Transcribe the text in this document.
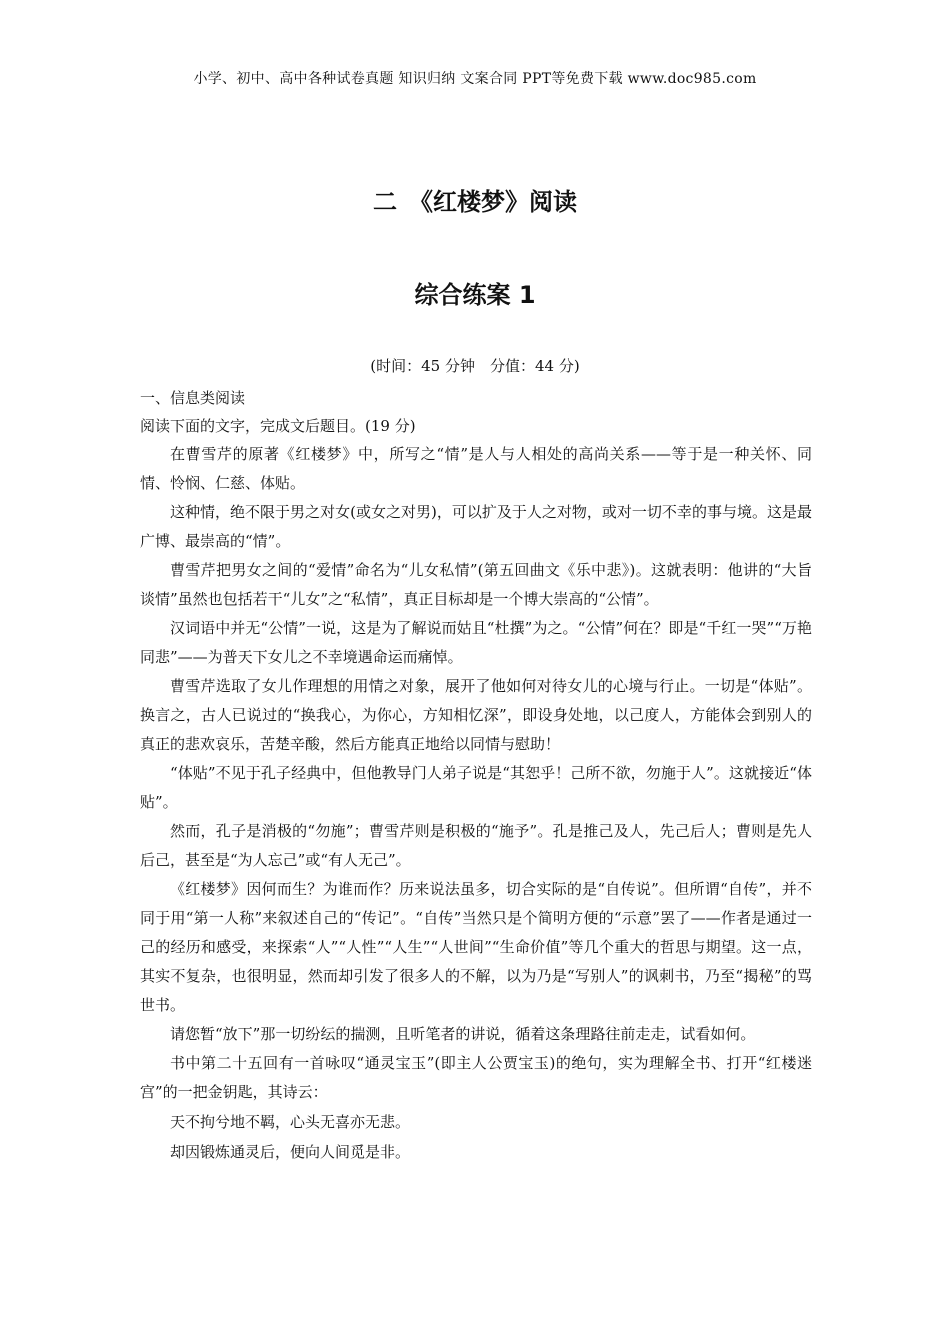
小学、初中、高中各种试卷真题 知识归纳 文案合同 PPT等免费下载 www.doc985.com
二　《红楼梦》阅读
综合练案 1
(时间：45 分钟　分值：44 分)

一、信息类阅读

阅读下面的文字，完成文后题目。(19 分)

在曹雪芹的原著《红楼梦》中，所写之“情”是人与人相处的高尚关系——等于是一种关怀、同情、怜悯、仁慈、体贴。

这种情，绝不限于男之对女(或女之对男)，可以扩及于人之对物，或对一切不幸的事与境。这是最广博、最崇高的“情”。

曹雪芹把男女之间的“爱情”命名为“儿女私情”(第五回曲文《乐中悲》)。这就表明：他讲的“大旨谈情”虽然也包括若干“儿女”之“私情”，真正目标却是一个博大崇高的“公情”。

汉词语中并无“公情”一说，这是为了解说而姑且“杜撰”为之。“公情”何在？即是“千红一哭”“万艳同悲”——为普天下女儿之不幸境遇命运而痛悼。

曹雪芹选取了女儿作理想的用情之对象，展开了他如何对待女儿的心境与行止。一切是“体贴”。换言之，古人已说过的“换我心，为你心，方知相忆深”，即设身处地，以己度人，方能体会到别人的真正的悲欢哀乐，苦楚辛酸，然后方能真正地给以同情与慰助！

“体贴”不见于孔子经典中，但他教导门人弟子说是“其恕乎！己所不欲，勿施于人”。这就接近“体贴”。

然而，孔子是消极的“勿施”；曹雪芹则是积极的“施予”。孔是推己及人，先己后人；曹则是先人后己，甚至是“为人忘己”或“有人无己”。

《红楼梦》因何而生？为谁而作？历来说法虽多，切合实际的是“自传说”。但所谓“自传”，并不同于用“第一人称”来叙述自己的“传记”。“自传”当然只是个简明方便的“示意”罢了——作者是通过一己的经历和感受，来探索“人”“人性”“人生”“人世间”“生命价值”等几个重大的哲思与期望。这一点，其实不复杂，也很明显，然而却引发了很多人的不解，以为乃是“写别人”的讽刺书，乃至“揭秘”的骂世书。

请您暂“放下”那一切纷纭的揣测，且听笔者的讲说，循着这条理路往前走走，试看如何。

书中第二十五回有一首咏叹“通灵宝玉”(即主人公贾宝玉)的绝句，实为理解全书、打开“红楼迷宫”的一把金钥匙，其诗云：

天不拘兮地不羁，心头无喜亦无悲。

却因锻炼通灵后，便向人间觅是非。
